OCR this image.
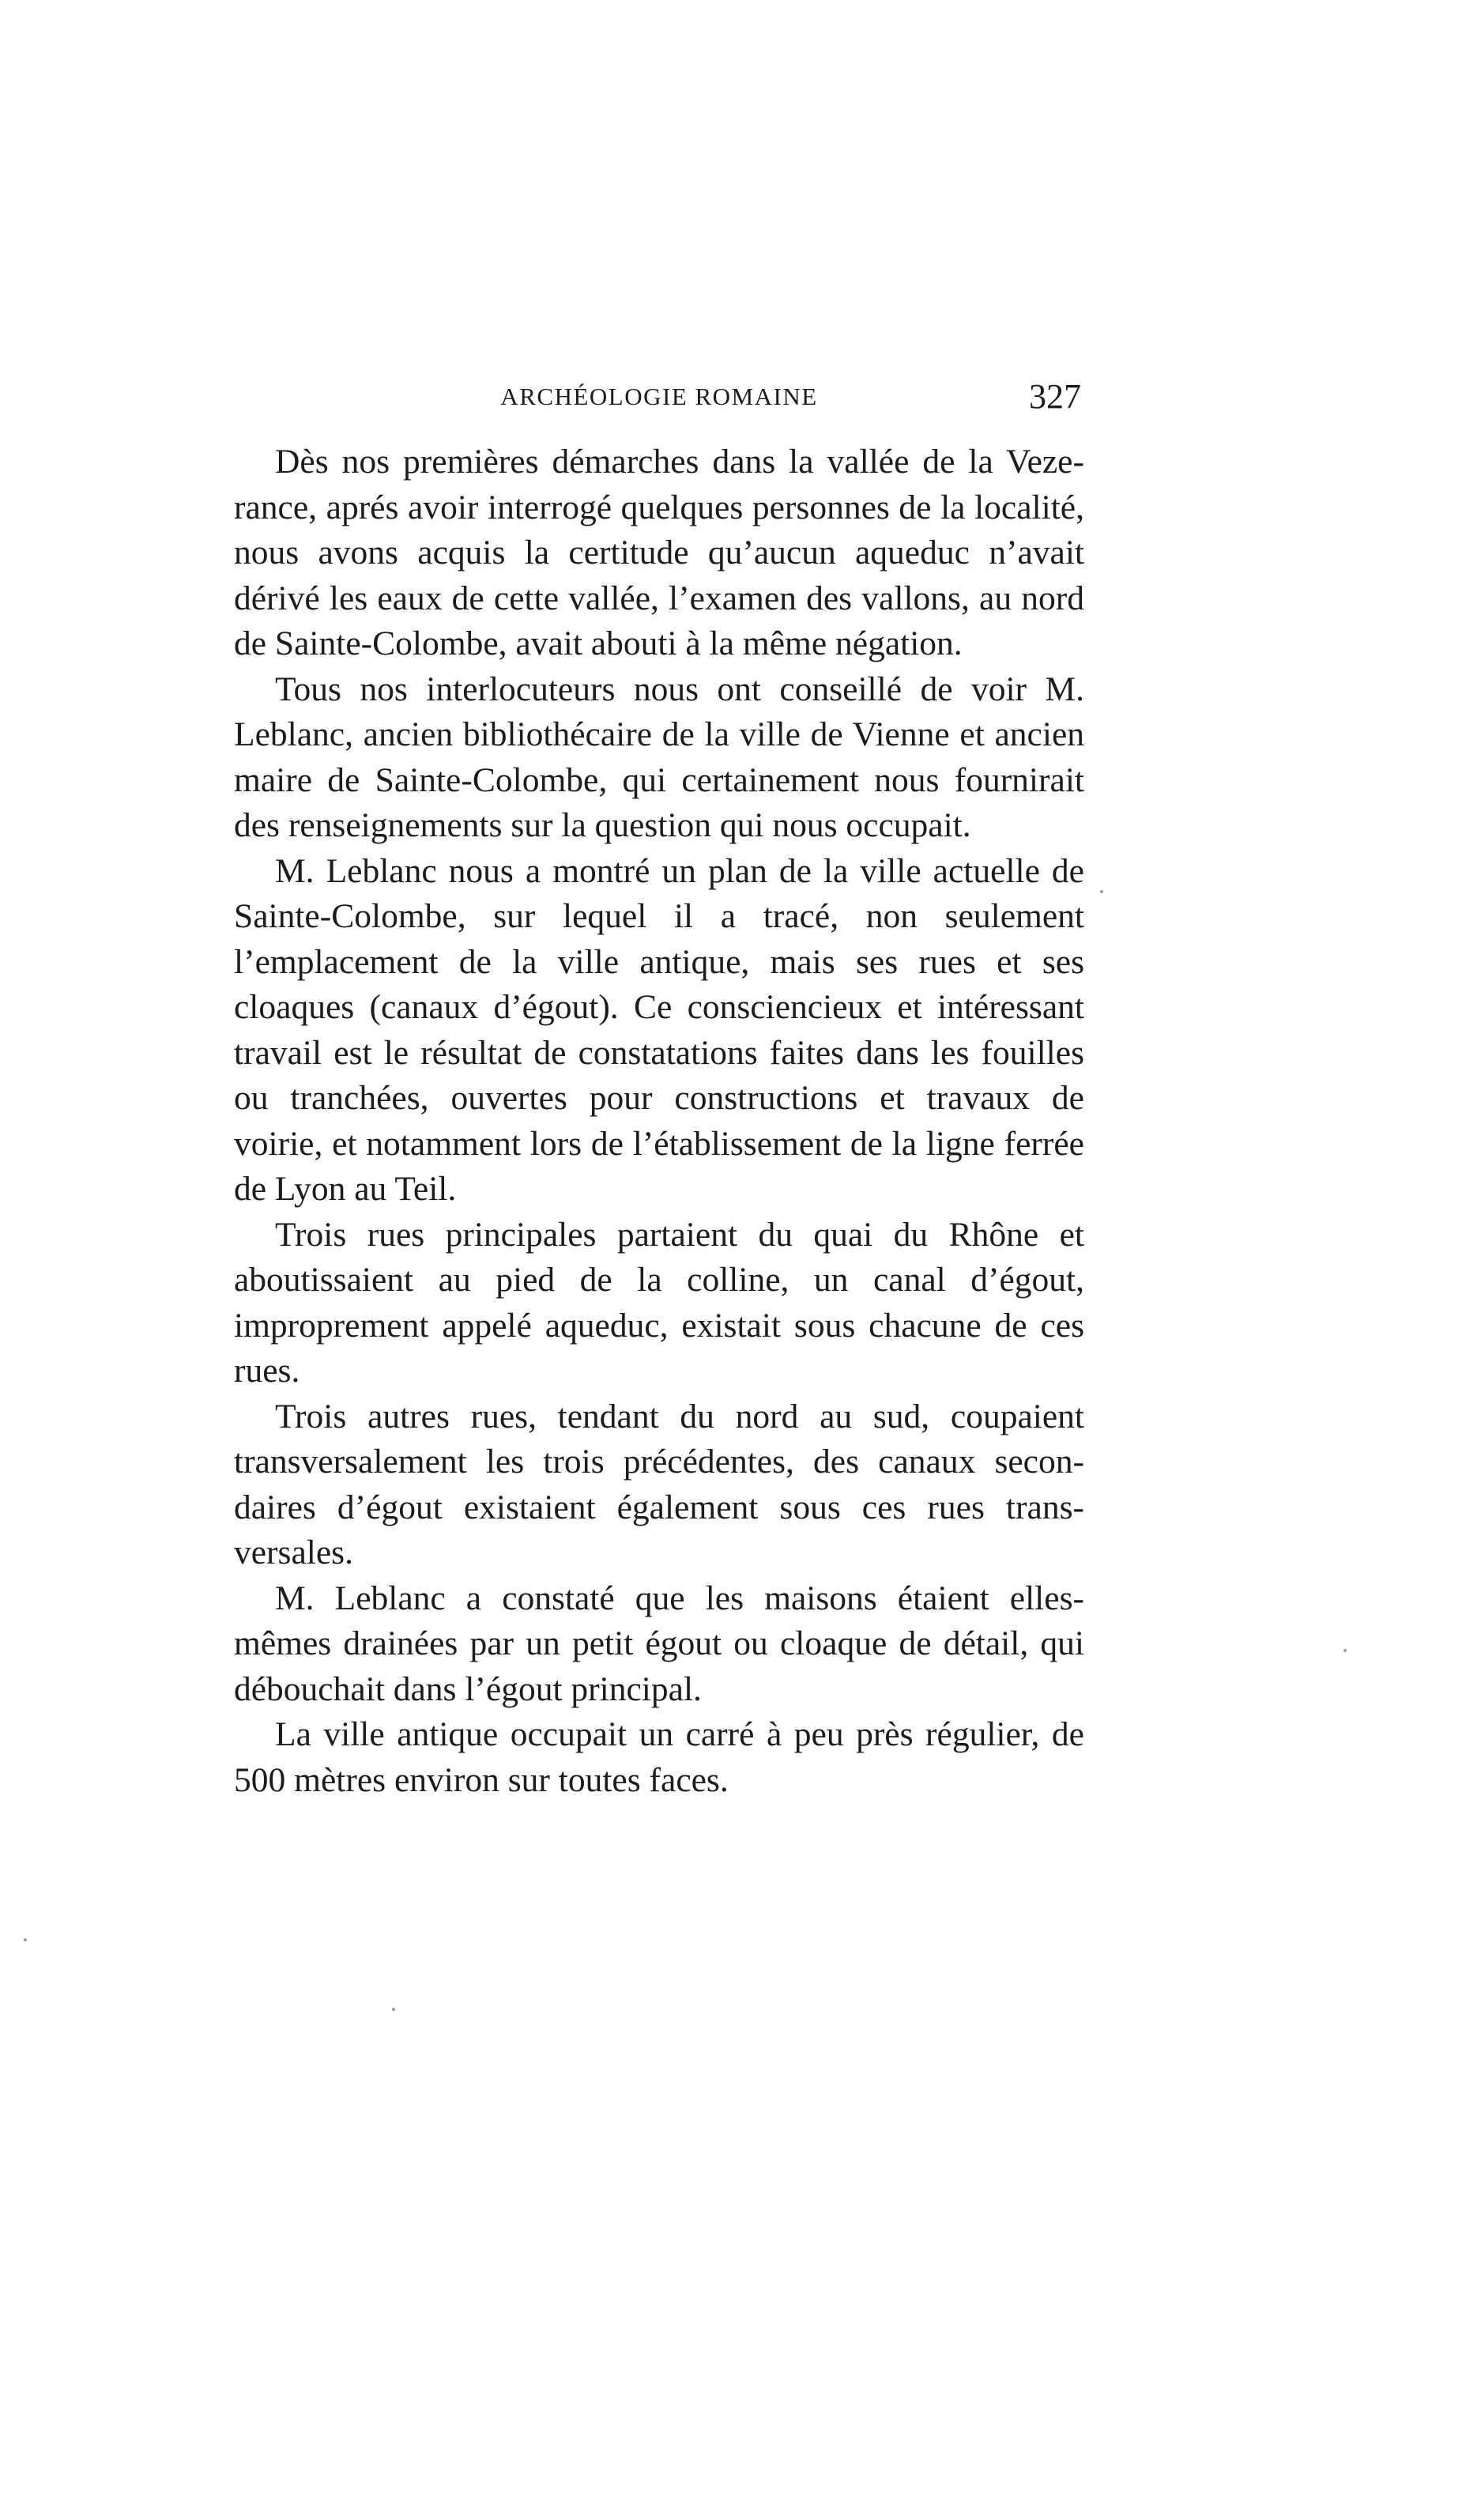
ARCHÉOLOGIE ROMAINE	327

Dès nos premières démarches dans la vallée de la Vezerance, aprés avoir interrogé quelques personnes de la localité, nous avons acquis la certitude qu’aucun aqueduc n’avait dérivé les eaux de cette vallée, l’examen des vallons, au nord de Sainte-Colombe, avait abouti à la même négation.

Tous nos interlocuteurs nous ont conseillé de voir M. Leblanc, ancien bibliothécaire de la ville de Vienne et ancien maire de Sainte-Colombe, qui certainement nous fournirait des renseignements sur la question qui nous occupait.

M. Leblanc nous a montré un plan de la ville actuelle de Sainte-Colombe, sur lequel il a tracé, non seulement l’emplacement de la ville antique, mais ses rues et ses cloaques (canaux d’égout). Ce consciencieux et intéressant travail est le résultat de constatations faites dans les fouilles ou tranchées, ouvertes pour constructions et travaux de voirie, et notamment lors de l’établissement de la ligne ferrée de Lyon au Teil.

Trois rues principales partaient du quai du Rhône et aboutissaient au pied de la colline, un canal d’égout, improprement appelé aqueduc, existait sous chacune de ces rues.

Trois autres rues, tendant du nord au sud, coupaient transversalement les trois précédentes, des canaux secondaires d’égout existaient également sous ces rues transversales.

M. Leblanc a constaté que les maisons étaient elles-mêmes drainées par un petit égout ou cloaque de détail, qui débouchait dans l’égout principal.

La ville antique occupait un carré à peu près régulier, de 500 mètres environ sur toutes faces.
